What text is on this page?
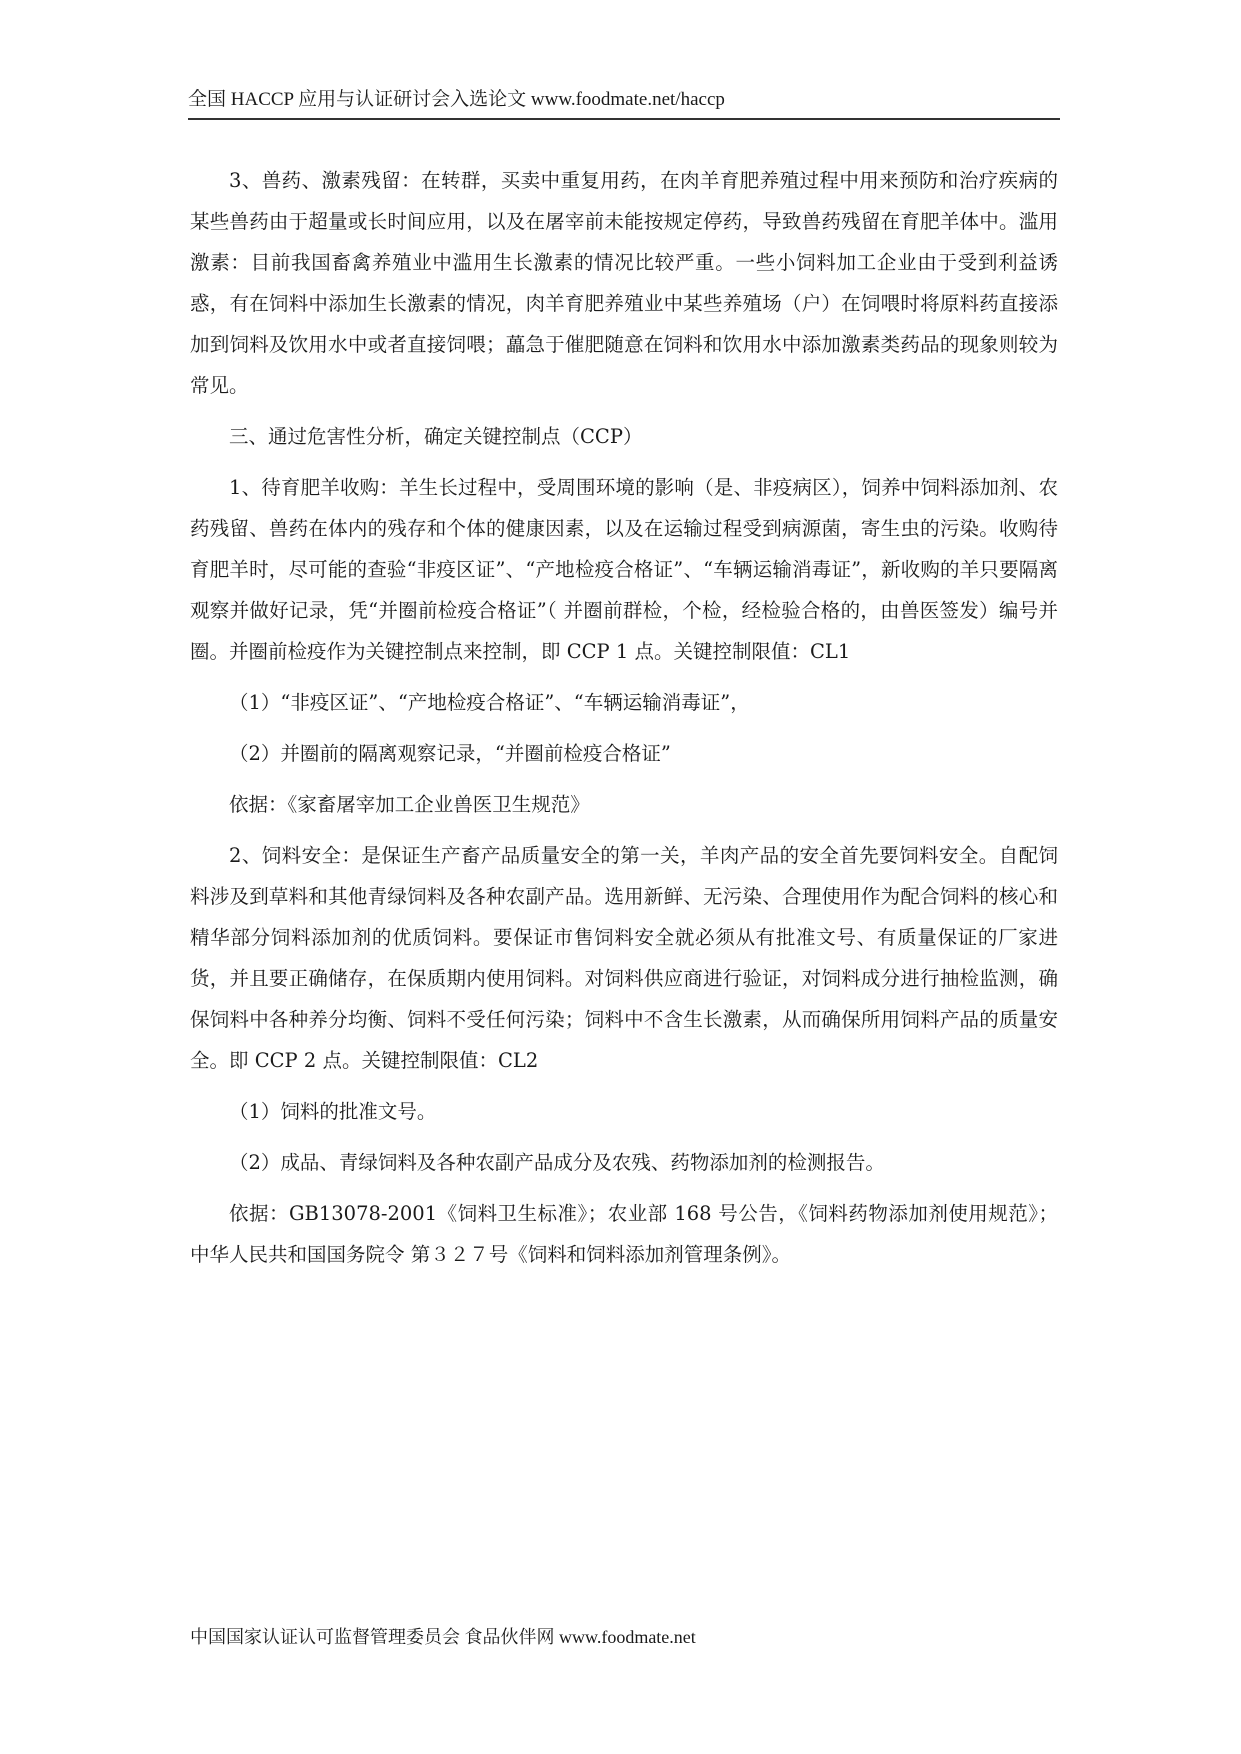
全国 HACCP 应用与认证研讨会入选论文 www.foodmate.net/haccp

3、兽药、激素残留：在转群，买卖中重复用药，在肉羊育肥养殖过程中用来预防和治疗疾病的某些兽药由于超量或长时间应用，以及在屠宰前未能按规定停药，导致兽药残留在育肥羊体中。滥用激素：目前我国畜禽养殖业中滥用生长激素的情况比较严重。一些小饲料加工企业由于受到利益诱惑，有在饲料中添加生长激素的情况，肉羊育肥养殖业中某些养殖场（户）在饲喂时将原料药直接添加到饲料及饮用水中或者直接饲喂；藟急于催肥随意在饲料和饮用水中添加激素类药品的现象则较为常见。

三、通过危害性分析，确定关键控制点（CCP）

1、待育肥羊收购：羊生长过程中，受周围环境的影响（是、非疫病区），饲养中饲料添加剂、农药残留、兽药在体内的残存和个体的健康因素，以及在运输过程受到病源菌，寄生虫的污染。收购待育肥羊时，尽可能的查验“非疫区证”、“产地检疫合格证”、“车辆运输消毒证”，新收购的羊只要隔离观察并做好记录，凭“并圈前检疫合格证”（ 并圈前群检，个检，经检验合格的，由兽医签发）编号并圈。并圈前检疫作为关键控制点来控制，即 CCP 1 点。关键控制限值：CL1

（1）“非疫区证”、“产地检疫合格证”、“车辆运输消毒证”，

（2）并圈前的隔离观察记录，“并圈前检疫合格证”

依据：《家畜屠宰加工企业兽医卫生规范》

2、饲料安全：是保证生产畜产品质量安全的第一关，羊肉产品的安全首先要饲料安全。自配饲料涉及到草料和其他青绿饲料及各种农副产品。选用新鲜、无污染、合理使用作为配合饲料的核心和精华部分饲料添加剂的优质饲料。要保证市售饲料安全就必须从有批准文号、有质量保证的厂家进货，并且要正确储存，在保质期内使用饲料。对饲料供应商进行验证，对饲料成分进行抽检监测，确保饲料中各种养分均衡、饲料不受任何污染；饲料中不含生长激素，从而确保所用饲料产品的质量安全。即 CCP 2 点。关键控制限值：CL2

（1）饲料的批准文号。

（2）成品、青绿饲料及各种农副产品成分及农残、药物添加剂的检测报告。

依据：GB13078-2001《饲料卫生标准》；农业部 168 号公告，《饲料药物添加剂使用规范》；中华人民共和国国务院令 第３２７号《饲料和饲料添加剂管理条例》。

中国国家认证认可监督管理委员会 食品伙伴网 www.foodmate.net
